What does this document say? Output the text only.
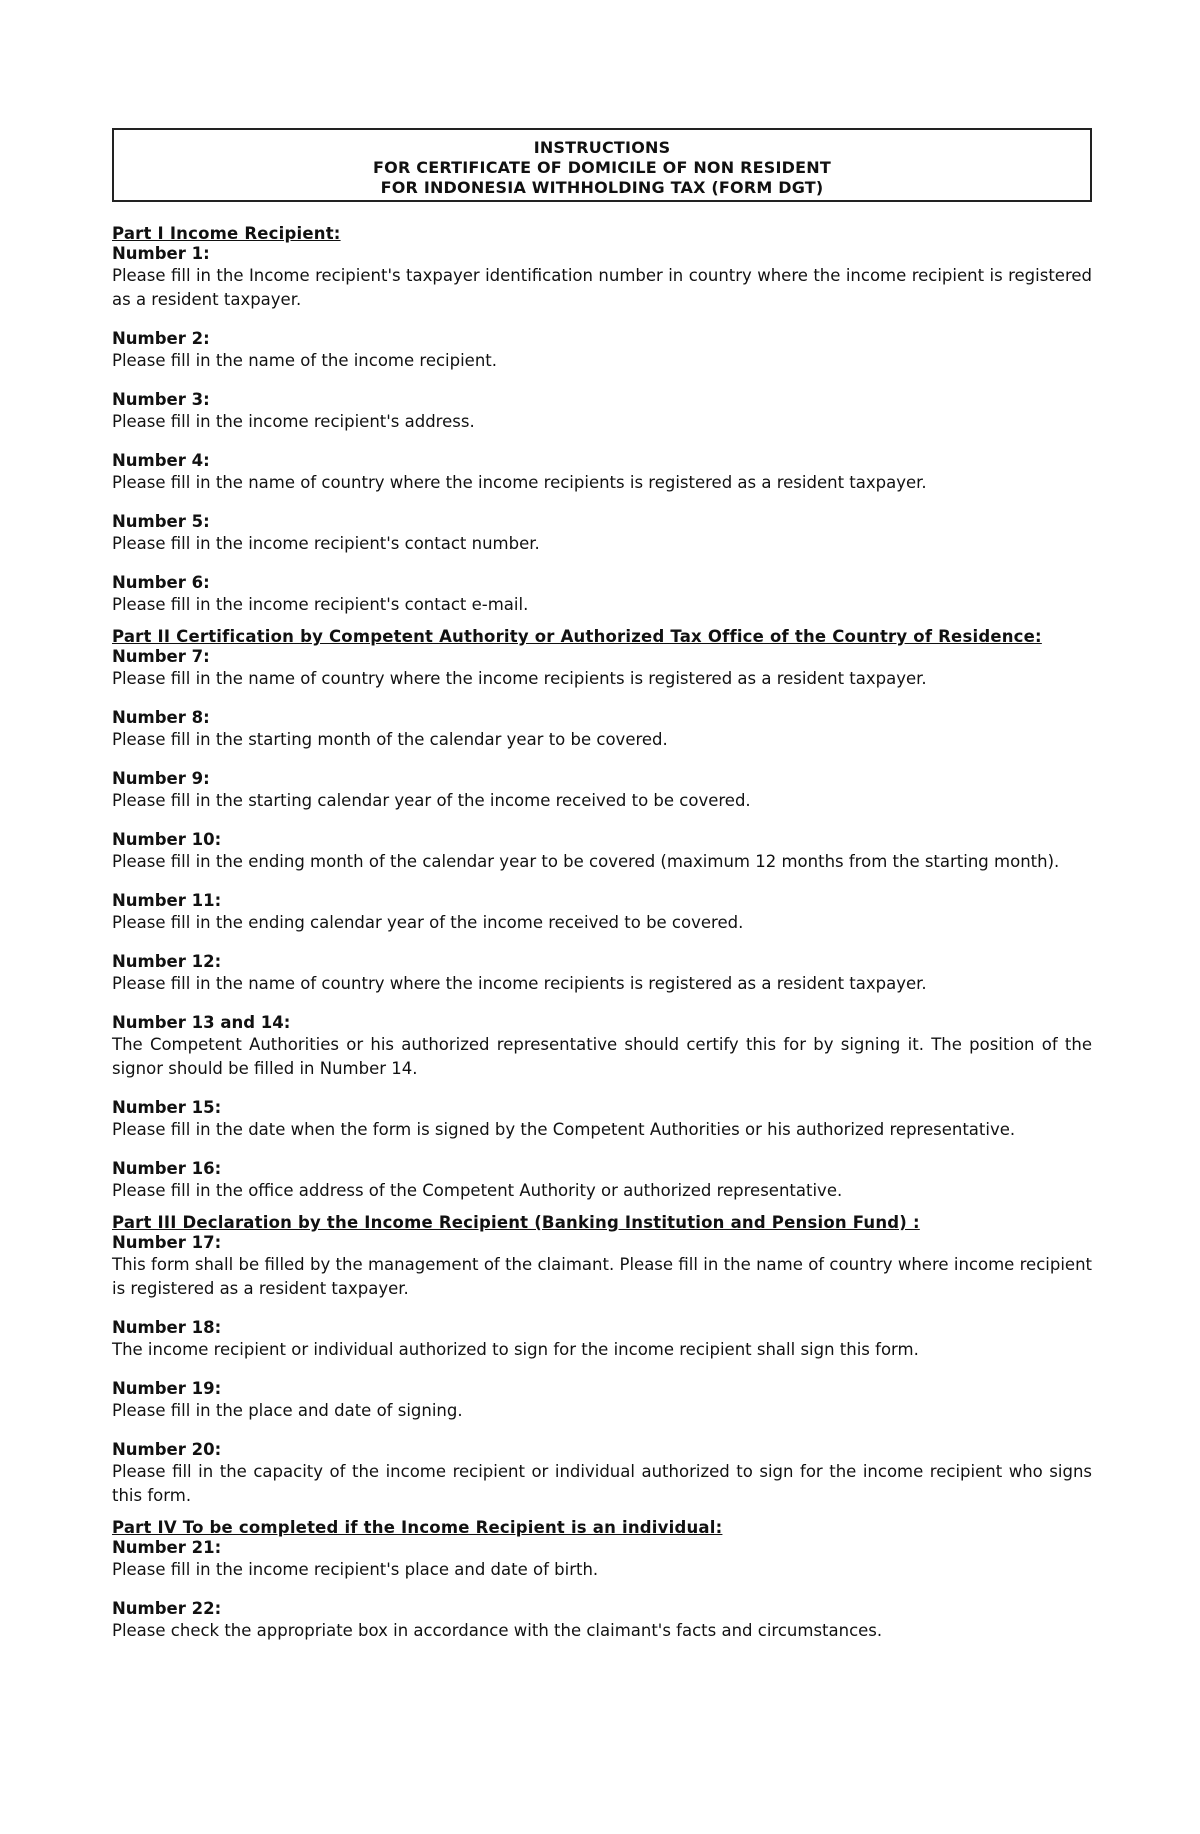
INSTRUCTIONS
FOR CERTIFICATE OF DOMICILE OF NON RESIDENT
FOR INDONESIA WITHHOLDING TAX (FORM DGT)
Part I Income Recipient:
Number 1:
Please fill in the Income recipient's taxpayer identification number in country where the income recipient is registered as a resident taxpayer.
Number 2:
Please fill in the name of the income recipient.
Number 3:
Please fill in the income recipient's address.
Number 4:
Please fill in the name of country where the income recipients is registered as a resident taxpayer.
Number 5:
Please fill in the income recipient's contact number.
Number 6:
Please fill in the income recipient's contact e-mail.
Part II Certification by Competent Authority or Authorized Tax Office of the Country of Residence:
Number 7:
Please fill in the name of country where the income recipients is registered as a resident taxpayer.
Number 8:
Please fill in the starting month of the calendar year to be covered.
Number 9:
Please fill in the starting calendar year of the income received to be covered.
Number 10:
Please fill in the ending month of the calendar year to be covered (maximum 12 months from the starting month).
Number 11:
Please fill in the ending calendar year of the income received to be covered.
Number 12:
Please fill in the name of country where the income recipients is registered as a resident taxpayer.
Number 13 and 14:
The Competent Authorities or his authorized representative should certify this for by signing it. The position of the signor should be filled in Number 14.
Number 15:
Please fill in the date when the form is signed by the Competent Authorities or his authorized representative.
Number 16:
Please fill in the office address of the Competent Authority or authorized representative.
Part III Declaration by the Income Recipient (Banking Institution and Pension Fund) :
Number 17:
This form shall be filled by the management of the claimant. Please fill in the name of country where income recipient is registered as a resident taxpayer.
Number 18:
The income recipient or individual authorized to sign for the income recipient shall sign this form.
Number 19:
Please fill in the place and date of signing.
Number 20:
Please fill in the capacity of the income recipient or individual authorized to sign for the income recipient who signs this form.
Part IV To be completed if the Income Recipient is an individual:
Number 21:
Please fill in the income recipient's place and date of birth.
Number 22:
Please check the appropriate box in accordance with the claimant's facts and circumstances.
